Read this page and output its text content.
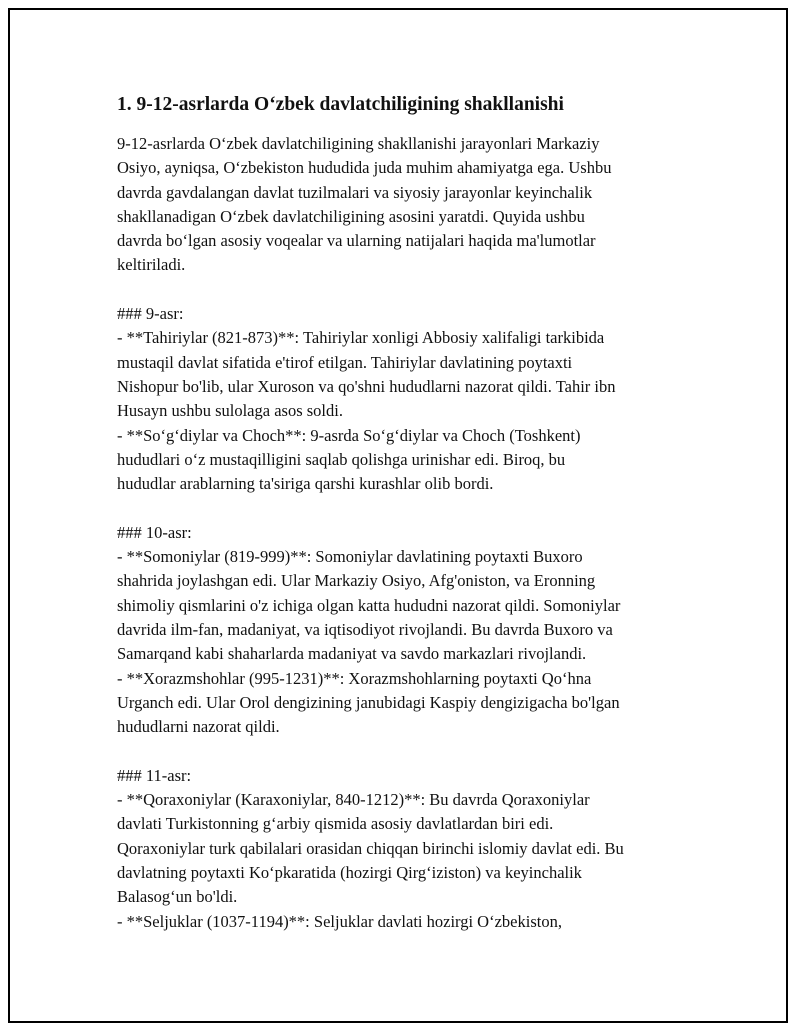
1. 9-12-asrlarda O‘zbek davlatchiligining shakllanishi

9-12-asrlarda O‘zbek davlatchiligining shakllanishi jarayonlari Markaziy

Osiyo, ayniqsa, O‘zbekiston hududida juda muhim ahamiyatga ega. Ushbu

davrda gavdalangan davlat tuzilmalari va siyosiy jarayonlar keyinchalik

shakllanadigan O‘zbek davlatchiligining asosini yaratdi. Quyida ushbu

davrda bo‘lgan asosiy voqealar va ularning natijalari haqida ma'lumotlar

keltiriladi.

### 9-asr:

- **Tahiriylar (821-873)**: Tahiriylar xonligi Abbosiy xalifaligi tarkibida

mustaqil davlat sifatida e'tirof etilgan. Tahiriylar davlatining poytaxti

Nishopur bo'lib, ular Xuroson va qo'shni hududlarni nazorat qildi. Tahir ibn

Husayn ushbu sulolaga asos soldi.

- **So‘g‘diylar va Choch**: 9-asrda So‘g‘diylar va Choch (Toshkent)

hududlari o‘z mustaqilligini saqlab qolishga urinishar edi. Biroq, bu

hududlar arablarning ta'siriga qarshi kurashlar olib bordi.

### 10-asr:

- **Somoniylar (819-999)**: Somoniylar davlatining poytaxti Buxoro

shahrida joylashgan edi. Ular Markaziy Osiyo, Afg'oniston, va Eronning

shimoliy qismlarini o'z ichiga olgan katta hududni nazorat qildi. Somoniylar

davrida ilm-fan, madaniyat, va iqtisodiyot rivojlandi. Bu davrda Buxoro va

Samarqand kabi shaharlarda madaniyat va savdo markazlari rivojlandi.

- **Xorazmshohlar (995-1231)**: Xorazmshohlarning poytaxti Qo‘hna

Urganch edi. Ular Orol dengizining janubidagi Kaspiy dengizigacha bo'lgan

hududlarni nazorat qildi.

### 11-asr:

- **Qoraxoniylar (Karaxoniylar, 840-1212)**: Bu davrda Qoraxoniylar

davlati Turkistonning g‘arbiy qismida asosiy davlatlardan biri edi.

Qoraxoniylar turk qabilalari orasidan chiqqan birinchi islomiy davlat edi. Bu

davlatning poytaxti Ko‘pkaratida (hozirgi Qirg‘iziston) va keyinchalik

Balasog‘un bo'ldi.

- **Seljuklar (1037-1194)**: Seljuklar davlati hozirgi O‘zbekiston,
